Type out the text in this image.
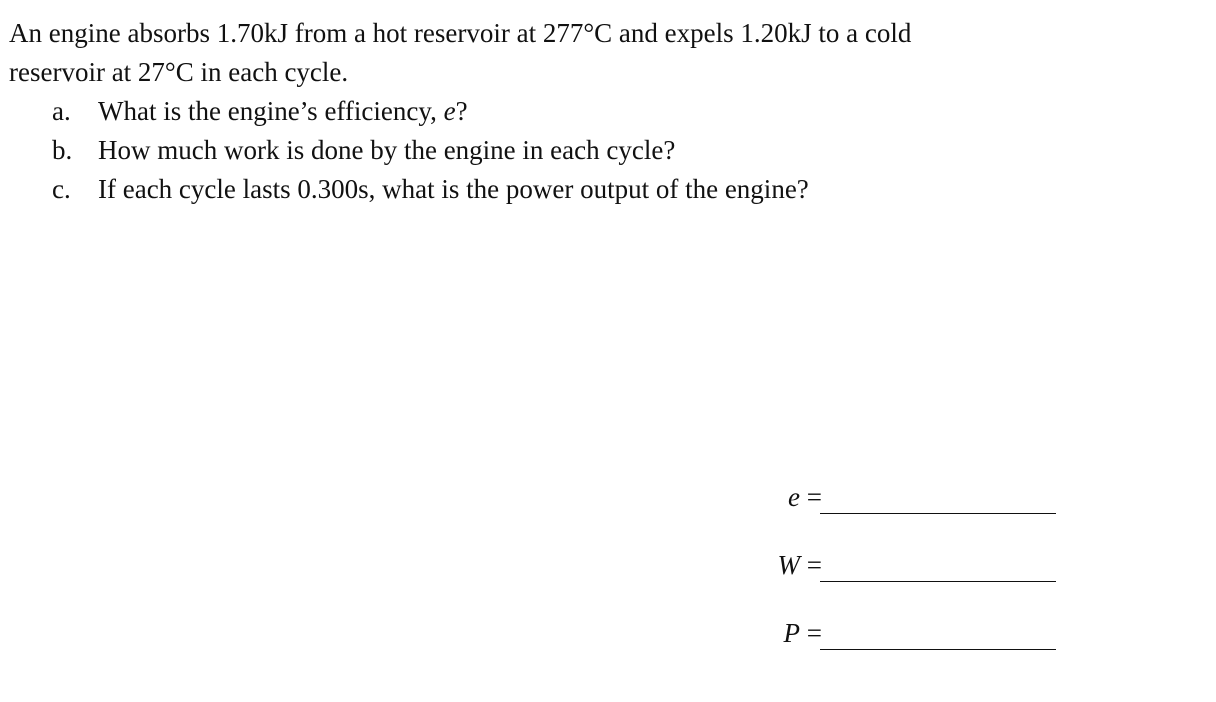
An engine absorbs 1.70kJ from a hot reservoir at 277°C and expels 1.20kJ to a cold
reservoir at 27°C in each cycle.

a. What is the engine’s efficiency, e?
b. How much work is done by the engine in each cycle?
c. If each cycle lasts 0.300s, what is the power output of the engine?
e =
W =
P =
